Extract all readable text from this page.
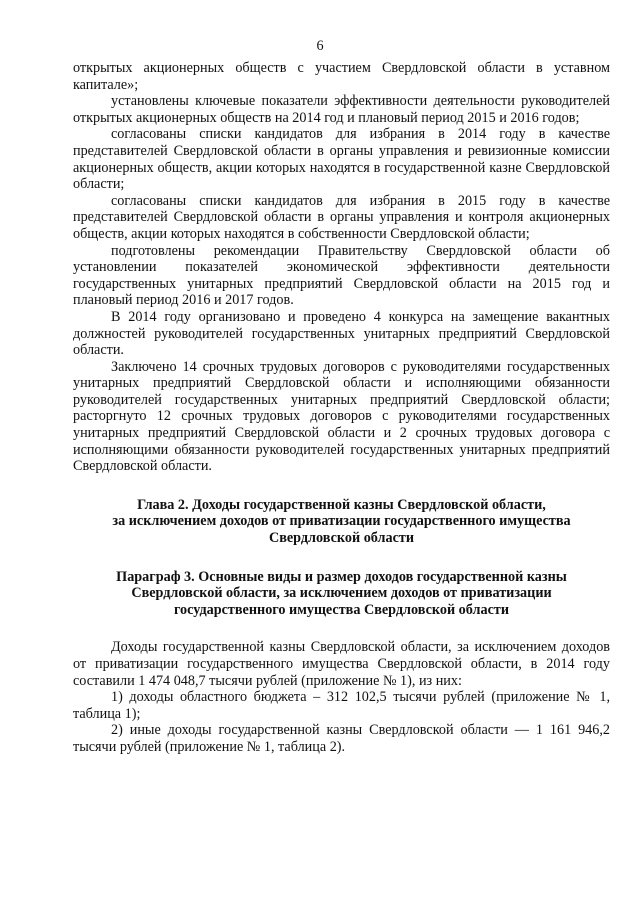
6

открытых акционерных обществ с участием Свердловской области в уставном капитале»;

установлены ключевые показатели эффективности деятельности руководителей открытых акционерных обществ на 2014 год и плановый период 2015 и 2016 годов;

согласованы списки кандидатов для избрания в 2014 году в качестве представителей Свердловской области в органы управления и ревизионные комиссии акционерных обществ, акции которых находятся в государственной казне Свердловской области;

согласованы списки кандидатов для избрания в 2015 году в качестве представителей Свердловской области в органы управления и контроля акционерных обществ, акции которых находятся в собственности Свердловской области;

подготовлены рекомендации Правительству Свердловской области об установлении показателей экономической эффективности деятельности государственных унитарных предприятий Свердловской области на 2015 год и плановый период 2016 и 2017 годов.

В 2014 году организовано и проведено 4 конкурса на замещение вакантных должностей руководителей государственных унитарных предприятий Свердловской области.

Заключено 14 срочных трудовых договоров с руководителями государственных унитарных предприятий Свердловской области и исполняющими обязанности руководителей государственных унитарных предприятий Свердловской области; расторгнуто 12 срочных трудовых договоров с руководителями государственных унитарных предприятий Свердловской области и 2 срочных трудовых договора с исполняющими обязанности руководителей государственных унитарных предприятий Свердловской области.

Глава 2. Доходы государственной казны Свердловской области,
за исключением доходов от приватизации государственного имущества
Свердловской области
Параграф 3. Основные виды и размер доходов государственной казны
Свердловской области, за исключением доходов от приватизации
государственного имущества Свердловской области

Доходы государственной казны Свердловской области, за исключением доходов от приватизации государственного имущества Свердловской области, в 2014 году составили 1 474 048,7 тысячи рублей (приложение № 1), из них:

1) доходы областного бюджета – 312 102,5 тысячи рублей (приложение № 1, таблица 1);

2) иные доходы государственной казны Свердловской области — 1 161 946,2 тысячи рублей (приложение № 1, таблица 2).
